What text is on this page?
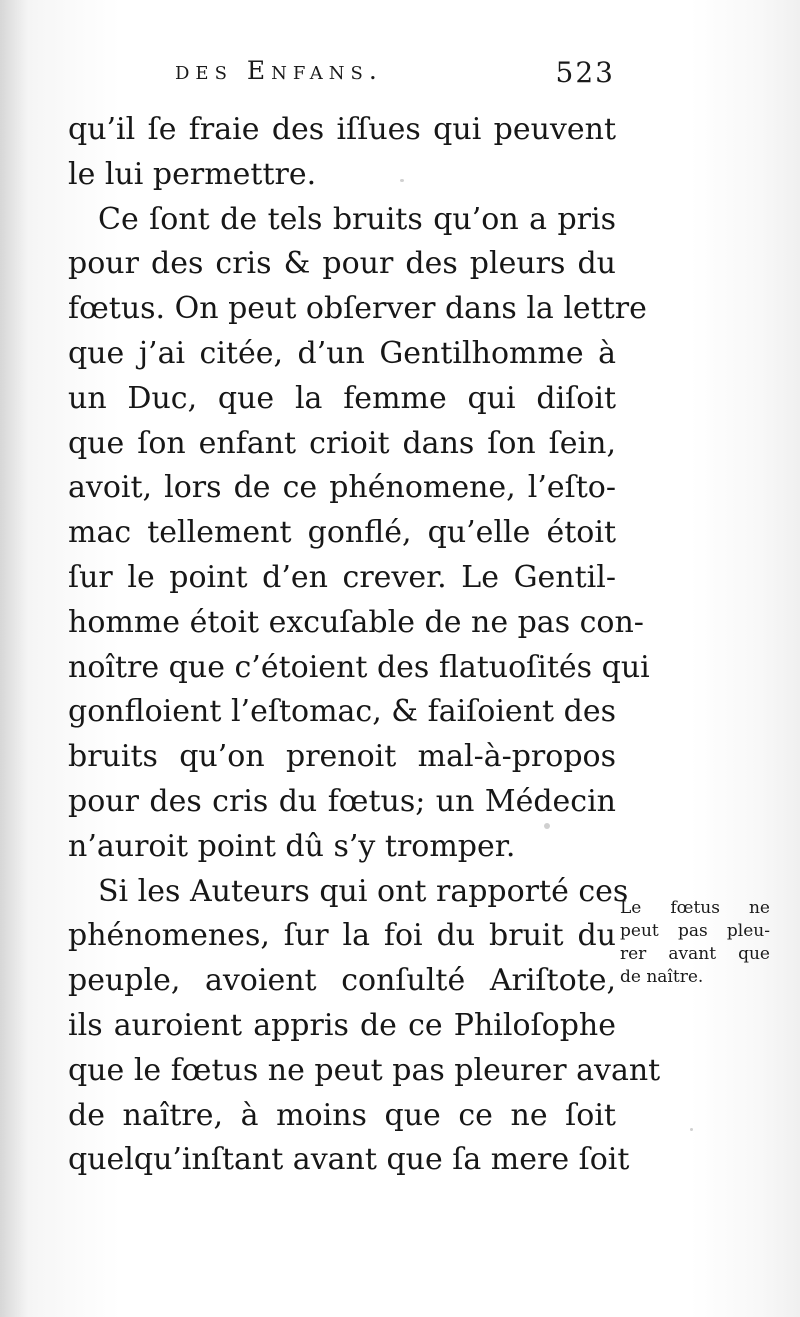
des Enfans.	523
qu’il ſe fraie des iſſues qui peuvent
le lui permettre.
Ce ſont de tels bruits qu’on a pris
pour des cris & pour des pleurs du
fœtus. On peut obſerver dans la lettre
que j’ai citée, d’un Gentilhomme à
un Duc, que la femme qui diſoit
que ſon enfant crioit dans ſon ſein,
avoit, lors de ce phénomene, l’eſto-
mac tellement gonflé, qu’elle étoit
ſur le point d’en crever. Le Gentil-
homme étoit excuſable de ne pas con-
noître que c’étoient des flatuoſités qui
gonfloient l’eſtomac, & faiſoient des
bruits qu’on prenoit mal-à-propos
pour des cris du fœtus; un Médecin
n’auroit point dû s’y tromper.
Si les Auteurs qui ont rapporté ces
phénomenes, ſur la foi du bruit du
peuple, avoient conſulté Ariſtote,
ils auroient appris de ce Philoſophe
que le fœtus ne peut pas pleurer avant
de naître, à moins que ce ne ſoit
quelqu’inſtant avant que ſa mere ſoit
Le fœtus ne
peut pas pleu-
rer avant que
de naître.
